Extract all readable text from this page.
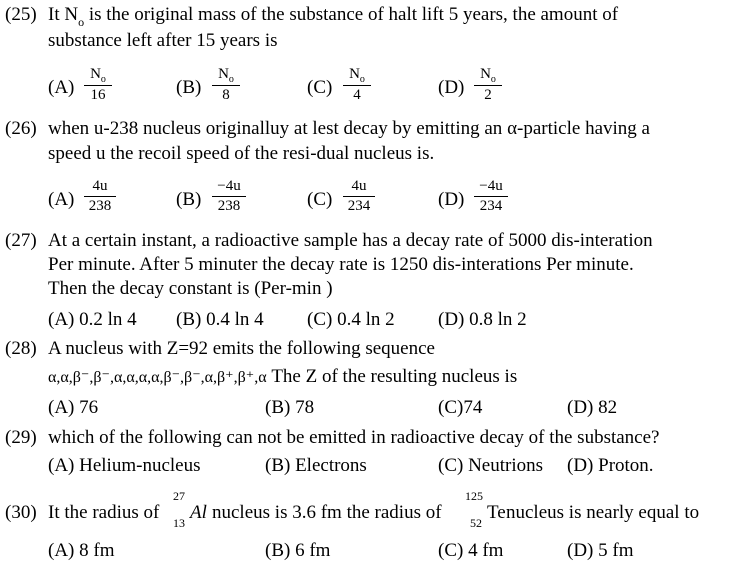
(25) It $N_o$ is the original mass of the substance of halt lift 5 years, the amount of
substance left after 15 years is
(A)
$N_o$
16	(B)
$N_o$
8	(C)
$N_o$
4	(D)
$N_o$
2
(26) when u-238 nucleus originalluy at lest decay by emitting an α-particle having a
speed u the recoil speed of the resi-dual nucleus is.
(A)
4u
238	(B)
−4u
238	(C)
4u
234	(D)
−4u
234
(27) At a certain instant, a radioactive sample has a decay rate of 5000 dis-interation
Per minute. After 5 minuter the decay rate is 1250 dis-interations Per minute.
Then the decay constant is (Per-min )
(A) 0.2 ln 4 (B) 0.4 ln 4 (C) 0.4 ln 2 (D) 0.8 ln 2
(28) A nucleus with Z=92 emits the following sequence
α,α,β⁻,β⁻,α,α,α,α,β⁻,β⁻,α,β⁺,β⁺,α The Z of the resulting nucleus is
(A) 76	(B) 78	(C)74	(D) 82
(29) which of the following can not be emitted in radioactive decay of the substance?
(A) Helium-nucleus	(B) Electrons	(C) Neutrions (D) Proton.
(30) It the radius of
27
13 Al nucleus is 3.6 fm the radius of
125
52 Te nucleus is nearly equal to
(A) 8 fm	(B) 6 fm	(C) 4 fm	(D) 5 fm
